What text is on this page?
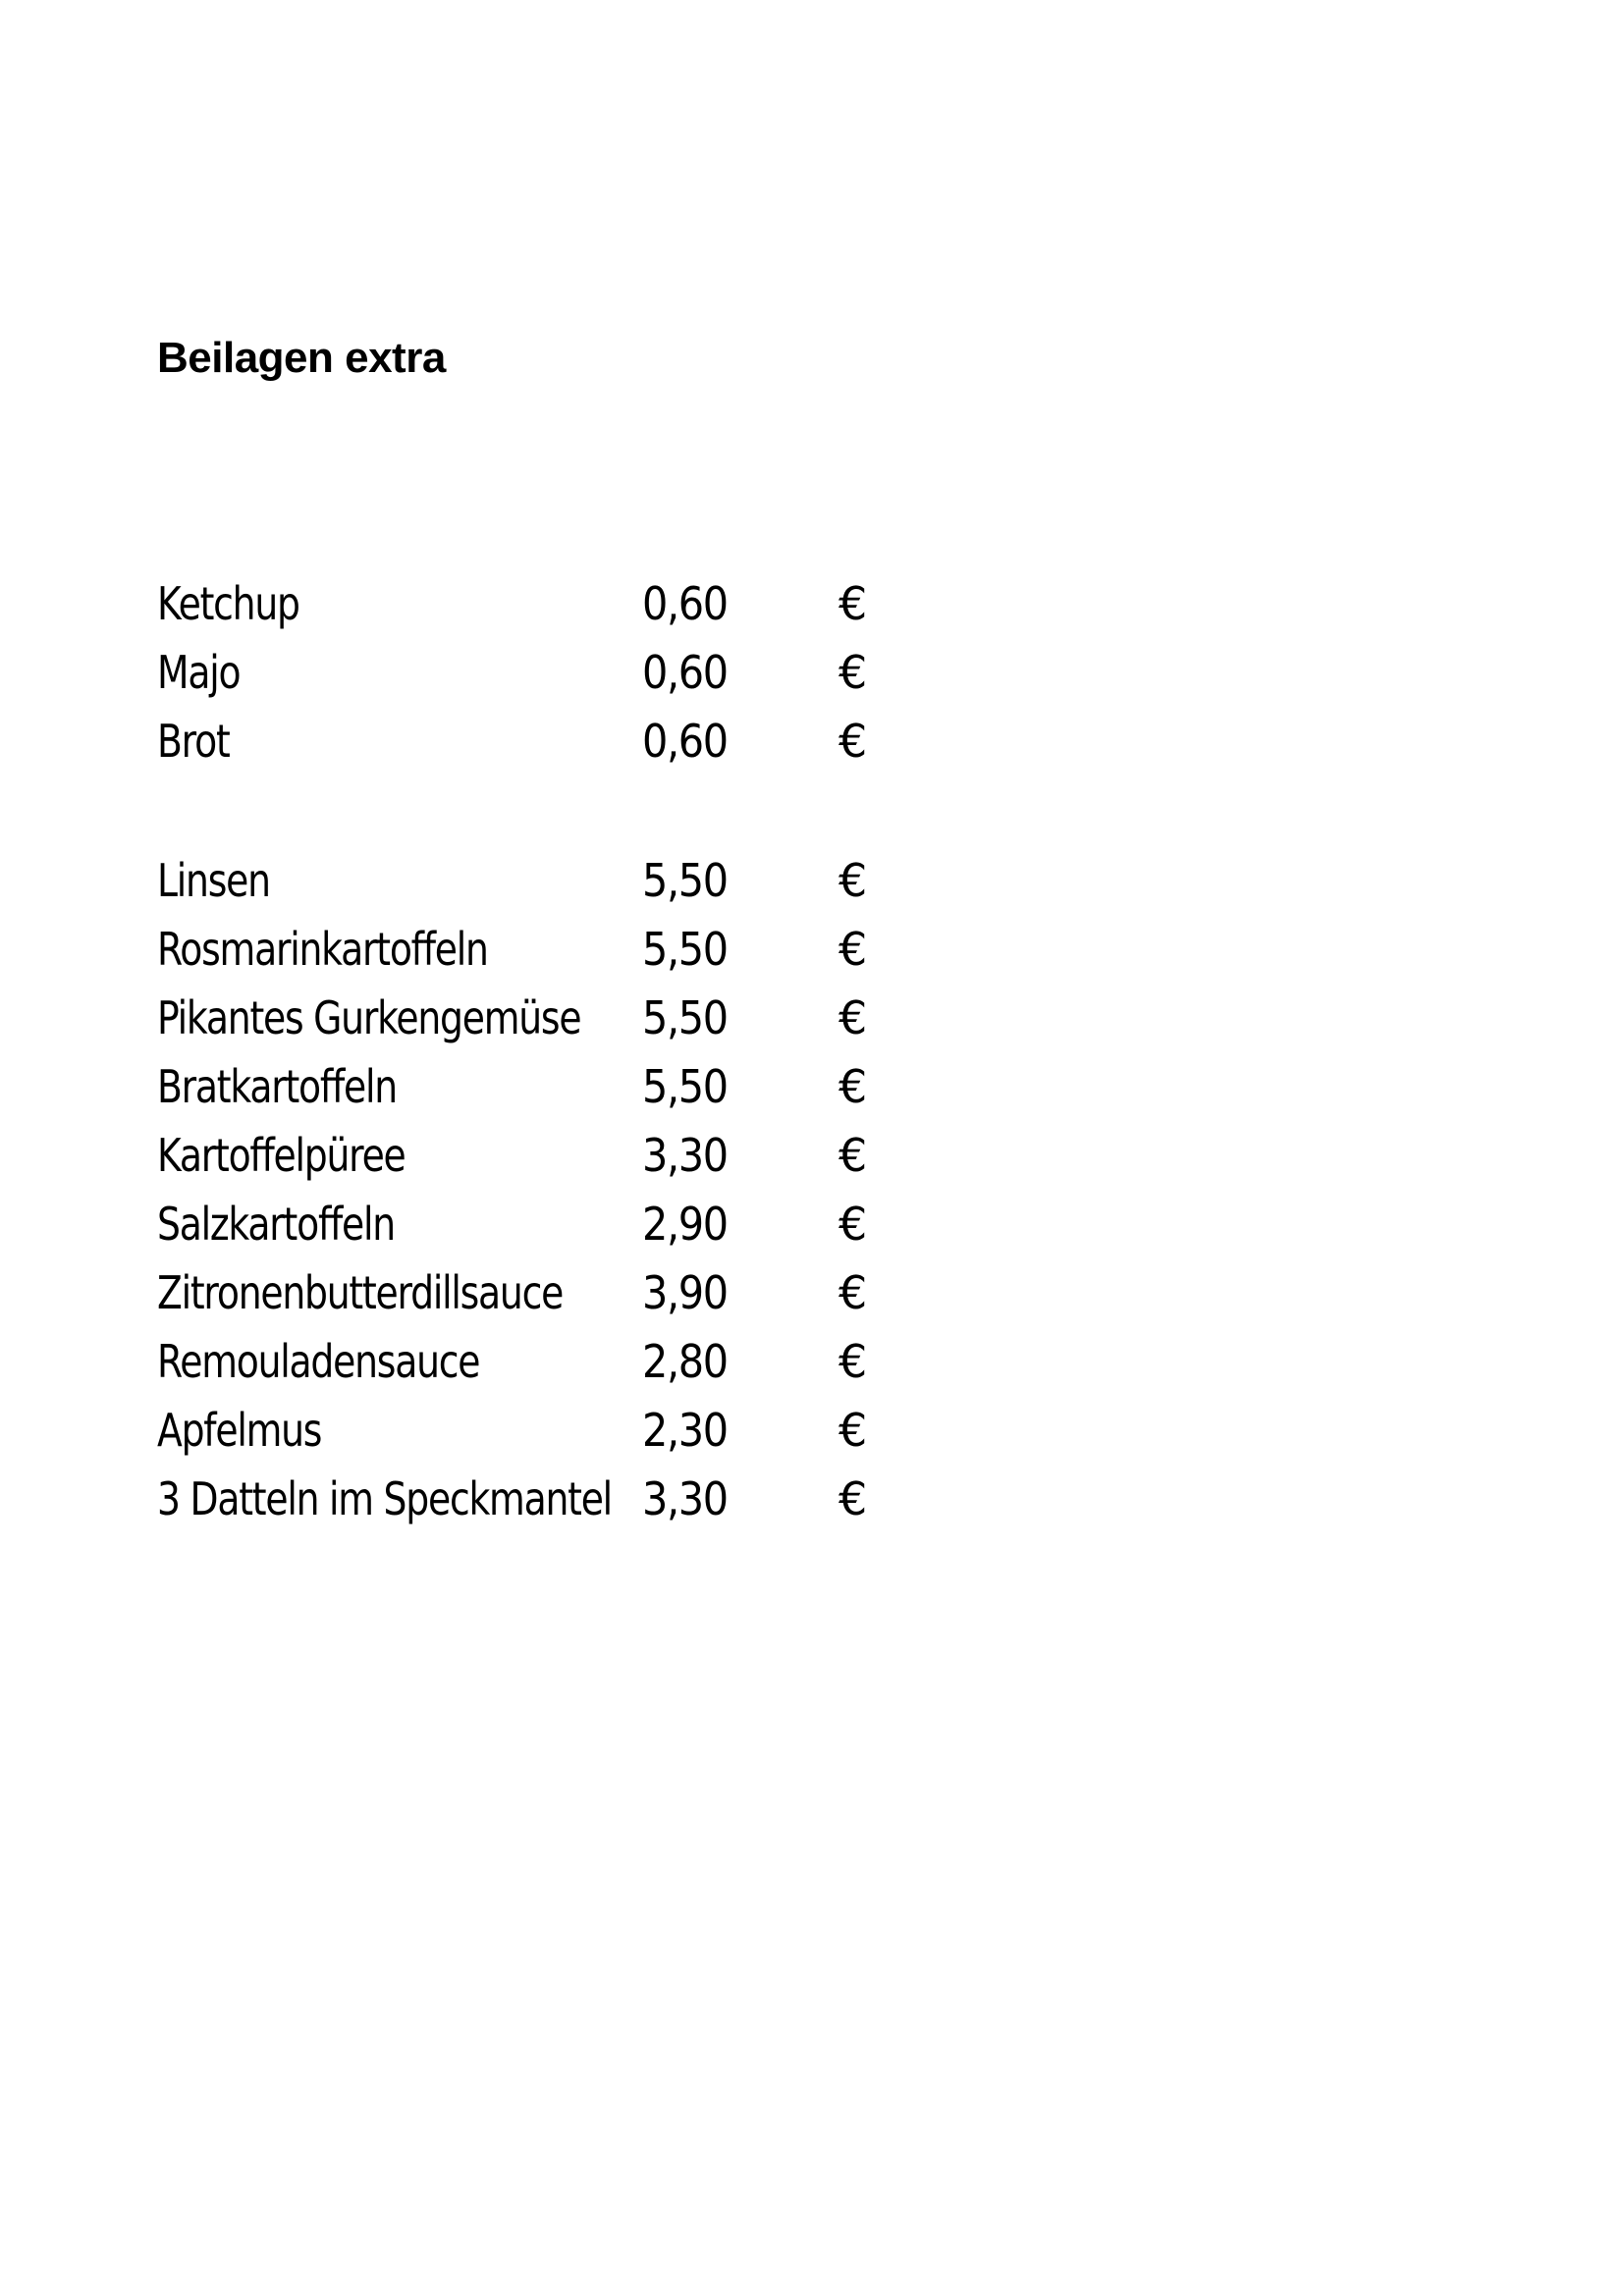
Beilagen extra
Ketchup	0,60 €
Majo	0,60 €
Brot	0,60 €
Linsen	5,50 €
Rosmarinkartoffeln	5,50 €
Pikantes Gurkengemüse 5,50 €
Bratkartoffeln	5,50 €
Kartoffelpüree	3,30 €
Salzkartoffeln	2,90 €
Zitronenbutterdillsauce 3,90 €
Remouladensauce	2,80 €
Apfelmus	2,30 €
3 Datteln im Speckmantel 3,30 €
